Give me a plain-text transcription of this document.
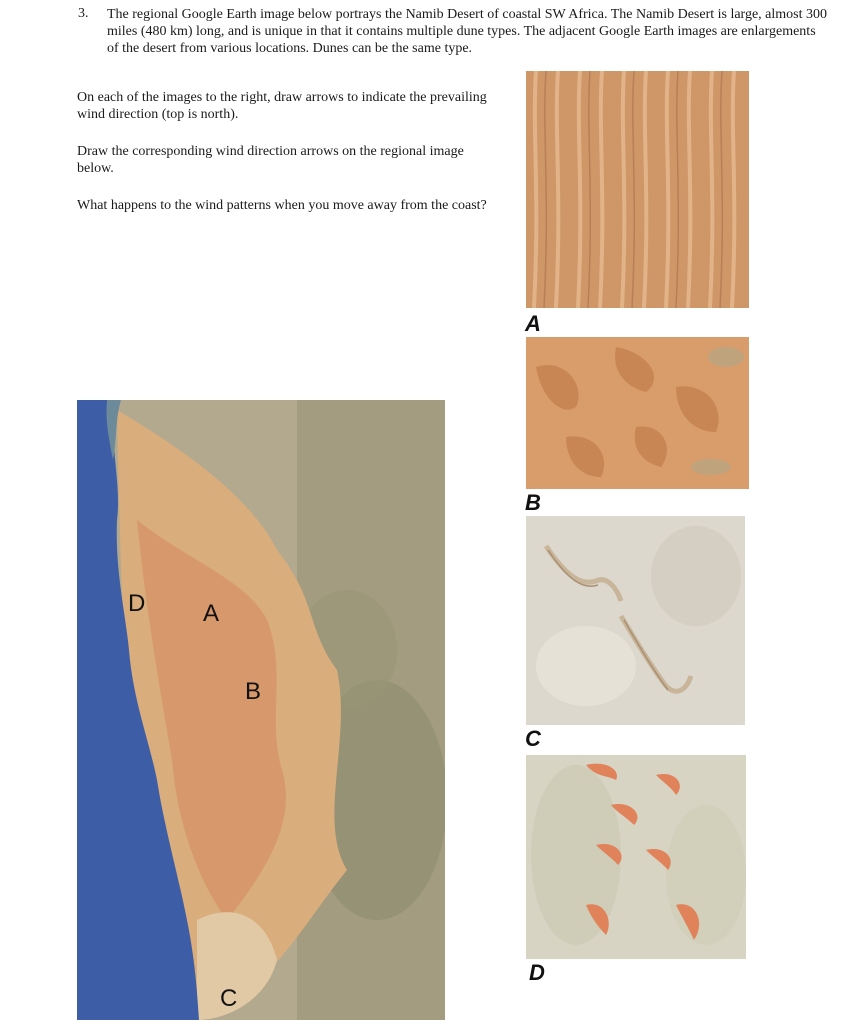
3. The regional Google Earth image below portrays the Namib Desert of coastal SW Africa. The Namib Desert is large, almost 300 miles (480 km) long, and is unique in that it contains multiple dune types. The adjacent Google Earth images are enlargements of the desert from various locations. Dunes can be the same type.
On each of the images to the right, draw arrows to indicate the prevailing wind direction (top is north).
Draw the corresponding wind direction arrows on the regional image below.
What happens to the wind patterns when you move away from the coast?
D A
B
C
A
B
C
D
